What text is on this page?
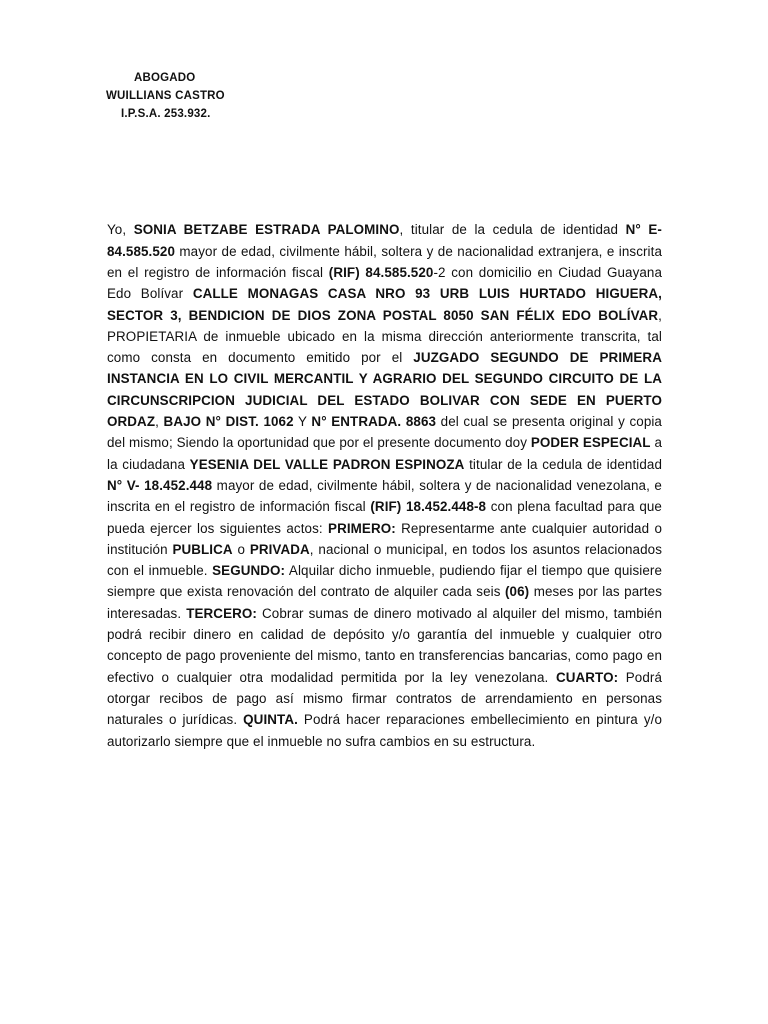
ABOGADO
WUILLIANS CASTRO
I.P.S.A. 253.932.

Yo, SONIA BETZABE ESTRADA PALOMINO, titular de la cedula de identidad N° E- 84.585.520 mayor de edad, civilmente hábil, soltera y de nacionalidad extranjera, e inscrita en el registro de información fiscal (RIF) 84.585.520-2 con domicilio en Ciudad Guayana Edo Bolívar CALLE MONAGAS CASA NRO 93 URB LUIS HURTADO HIGUERA, SECTOR 3, BENDICION DE DIOS ZONA POSTAL 8050 SAN FÉLIX EDO BOLÍVAR, PROPIETARIA de inmueble ubicado en la misma dirección anteriormente transcrita, tal como consta en documento emitido por el JUZGADO SEGUNDO DE PRIMERA INSTANCIA EN LO CIVIL MERCANTIL Y AGRARIO DEL SEGUNDO CIRCUITO DE LA CIRCUNSCRIPCION JUDICIAL DEL ESTADO BOLIVAR CON SEDE EN PUERTO ORDAZ, BAJO N° DIST. 1062 Y N° ENTRADA. 8863 del cual se presenta original y copia del mismo; Siendo la oportunidad que por el presente documento doy PODER ESPECIAL a la ciudadana YESENIA DEL VALLE PADRON ESPINOZA titular de la cedula de identidad N° V- 18.452.448 mayor de edad, civilmente hábil, soltera y de nacionalidad venezolana, e inscrita en el registro de información fiscal (RIF) 18.452.448-8 con plena facultad para que pueda ejercer los siguientes actos: PRIMERO: Representarme ante cualquier autoridad o institución PUBLICA o PRIVADA, nacional o municipal, en todos los asuntos relacionados con el inmueble. SEGUNDO: Alquilar dicho inmueble, pudiendo fijar el tiempo que quisiere siempre que exista renovación del contrato de alquiler cada seis (06) meses por las partes interesadas. TERCERO: Cobrar sumas de dinero motivado al alquiler del mismo, también podrá recibir dinero en calidad de depósito y/o garantía del inmueble y cualquier otro concepto de pago proveniente del mismo, tanto en transferencias bancarias, como pago en efectivo o cualquier otra modalidad permitida por la ley venezolana. CUARTO: Podrá otorgar recibos de pago así mismo firmar contratos de arrendamiento en personas naturales o jurídicas. QUINTA. Podrá hacer reparaciones embellecimiento en pintura y/o autorizarlo siempre que el inmueble no sufra cambios en su estructura.
